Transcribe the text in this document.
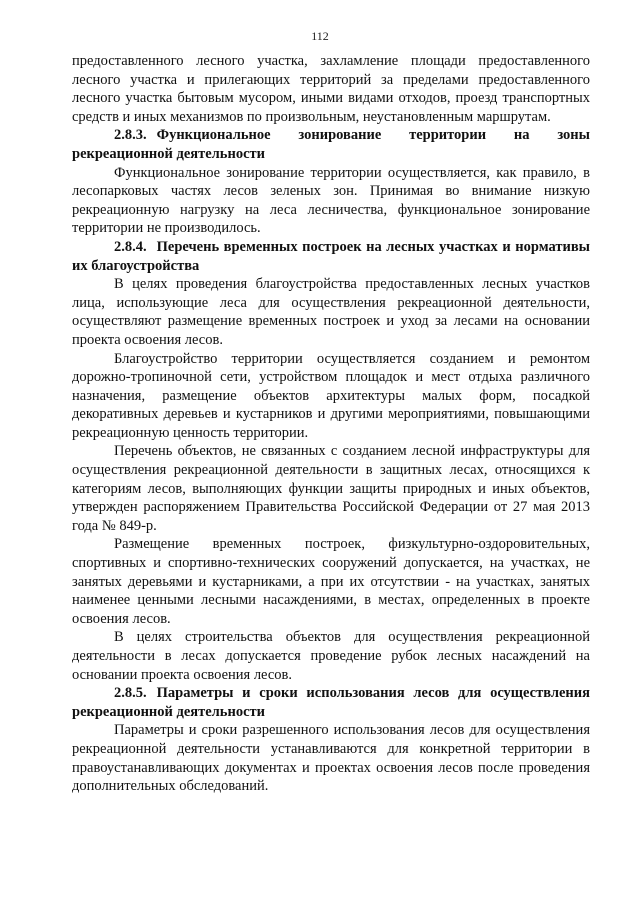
112

предоставленного лесного участка, захламление площади предоставленного лесного участка и прилегающих территорий за пределами предоставленного лесного участка бытовым мусором, иными видами отходов, проезд транспортных средств и иных механизмов по произвольным, неустановленным маршрутам.

2.8.3. Функциональное зонирование территории на зоны рекреационной деятельности

Функциональное зонирование территории осуществляется, как правило, в лесопарковых частях лесов зеленых зон. Принимая во внимание низкую рекреационную нагрузку на леса лесничества, функциональное зонирование территории не производилось.

2.8.4. Перечень временных построек на лесных участках и нормативы их благоустройства

В целях проведения благоустройства предоставленных лесных участков лица, использующие леса для осуществления рекреационной деятельности, осуществляют размещение временных построек и уход за лесами на основании проекта освоения лесов.

Благоустройство территории осуществляется созданием и ремонтом дорожно-тропиночной сети, устройством площадок и мест отдыха различного назначения, размещение объектов архитектуры малых форм, посадкой декоративных деревьев и кустарников и другими мероприятиями, повышающими рекреационную ценность территории.

Перечень объектов, не связанных с созданием лесной инфраструктуры для осуществления рекреационной деятельности в защитных лесах, относящихся к категориям лесов, выполняющих функции защиты природных и иных объектов, утвержден распоряжением Правительства Российской Федерации от 27 мая 2013 года № 849-р.

Размещение временных построек, физкультурно-оздоровительных, спортивных и спортивно-технических сооружений допускается, на участках, не занятых деревьями и кустарниками, а при их отсутствии - на участках, занятых наименее ценными лесными насаждениями, в местах, определенных в проекте освоения лесов.

В целях строительства объектов для осуществления рекреационной деятельности в лесах допускается проведение рубок лесных насаждений на основании проекта освоения лесов.

2.8.5. Параметры и сроки использования лесов для осуществления рекреационной деятельности

Параметры и сроки разрешенного использования лесов для осуществления рекреационной деятельности устанавливаются для конкретной территории в правоустанавливающих документах и проектах освоения лесов после проведения дополнительных обследований.
